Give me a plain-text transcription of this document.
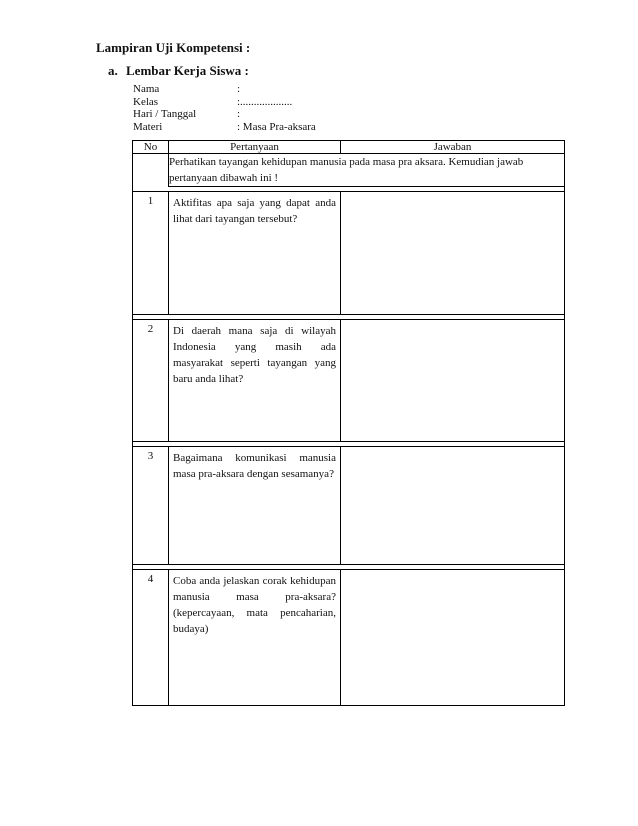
Lampiran Uji Kompetensi :
a. Lembar Kerja Siswa :
Nama	:
Kelas	:...................
Hari / Tanggal	:
Materi	: Masa Pra-aksara
No	Pertanyaan	Jawaban
	Perhatikan tayangan kehidupan manusia pada masa pra aksara. Kemudian jawab pertanyaan dibawah ini !	

1	Aktifitas apa saja yang dapat anda lihat dari tayangan tersebut?	

2	Di daerah mana saja di wilayah Indonesia yang masih ada masyarakat seperti tayangan yang baru anda lihat?	

3	Bagaimana komunikasi manusia masa pra-aksara dengan sesamanya?	

4	Coba anda jelaskan corak kehidupan manusia masa pra-aksara? (kepercayaan, mata pencaharian, budaya)	
